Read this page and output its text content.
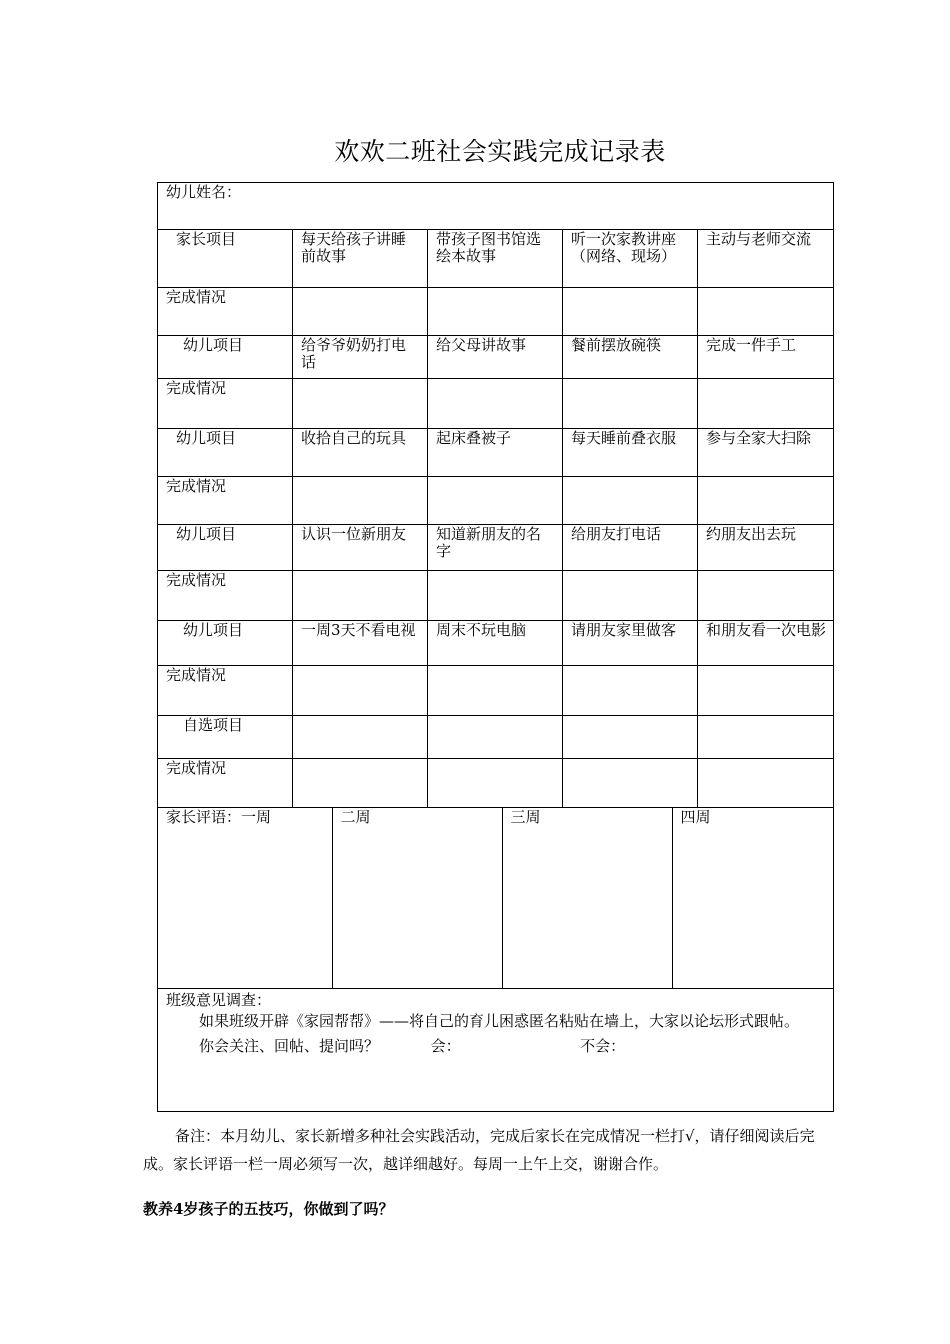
欢欢二班社会实践完成记录表
幼儿姓名：
家长项目	每天给孩子讲睡前故事	带孩子图书馆选绘本故事	听一次家教讲座（网络、现场）	主动与老师交流
完成情况				
幼儿项目	给爷爷奶奶打电话	给父母讲故事	餐前摆放碗筷	完成一件手工
完成情况				
幼儿项目	收拾自己的玩具	起床叠被子	每天睡前叠衣服	参与全家大扫除
完成情况				
幼儿项目	认识一位新朋友	知道新朋友的名字	给朋友打电话	约朋友出去玩
完成情况				
幼儿项目	一周3天不看电视	周末不玩电脑	请朋友家里做客	和朋友看一次电影
完成情况				
自选项目				
完成情况				

家长评语：一周	二周	三周	四周

班级意见调查：

如果班级开辟《家园帮帮》——将自己的育儿困惑匿名粘贴在墙上，大家以论坛形式跟帖。

你会关注、回帖、提问吗？	会：	不会：

备注：本月幼儿、家长新增多种社会实践活动，完成后家长在完成情况一栏打√，请仔细阅读后完成。家长评语一栏一周必须写一次，越详细越好。每周一上午上交，谢谢合作。
教养4岁孩子的五技巧，你做到了吗？
